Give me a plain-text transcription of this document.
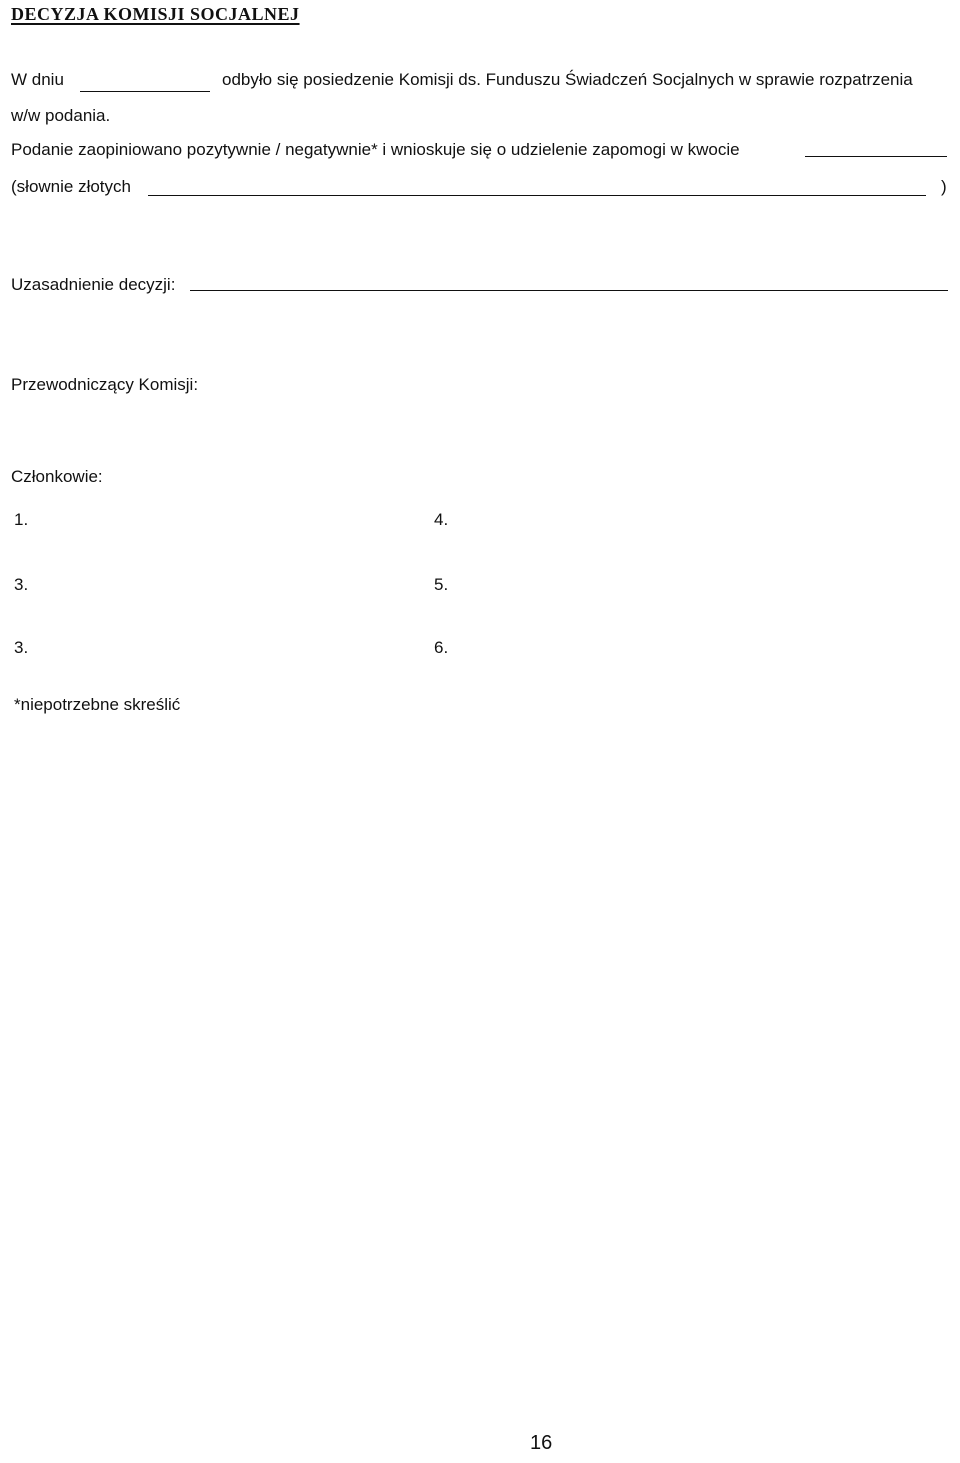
DECYZJA KOMISJI SOCJALNEJ
W dniu	odbyło się posiedzenie Komisji ds. Funduszu Świadczeń Socjalnych w sprawie rozpatrzenia
w/w podania.
Podanie zaopiniowano pozytywnie / negatywnie* i wnioskuje się o udzielenie zapomogi w kwocie
(słownie złotych	)
Uzasadnienie decyzji:
Przewodniczący Komisji:
Członkowie:
1.
3.
3.
4.
5.
6.
*niepotrzebne skreślić
16
